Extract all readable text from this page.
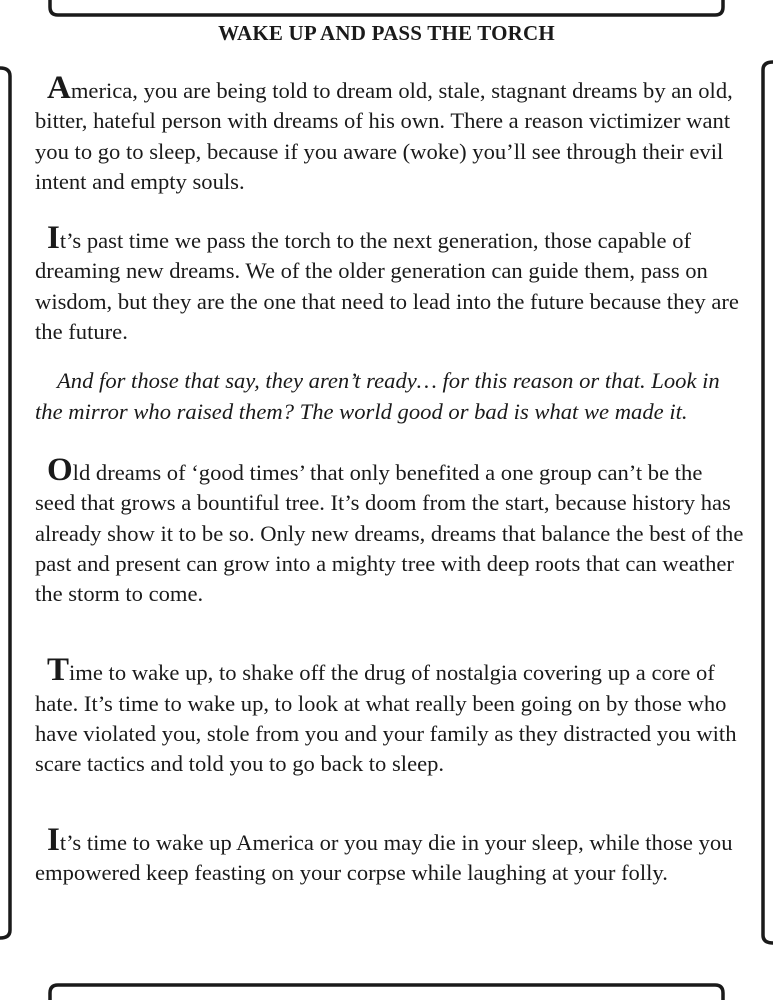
WAKE UP AND PASS THE TORCH

America, you are being told to dream old, stale, stagnant dreams by an old, bitter, hateful person with dreams of his own. There a reason victimizer want you to go to sleep, because if you aware (woke) you’ll see through their evil intent and empty souls.

It’s past time we pass the torch to the next generation, those capable of dreaming new dreams. We of the older generation can guide them, pass on wisdom, but they are the one that need to lead into the future because they are the future.

And for those that say, they aren’t ready… for this reason or that. Look in the mirror who raised them? The world good or bad is what we made it.

Old dreams of ‘good times’ that only benefited a one group can’t be the seed that grows a bountiful tree. It’s doom from the start, because history has already show it to be so. Only new dreams, dreams that balance the best of the past and present can grow into a mighty tree with deep roots that can weather the storm to come.

Time to wake up, to shake off the drug of nostalgia covering up a core of hate. It’s time to wake up, to look at what really been going on by those who have violated you, stole from you and your family as they distracted you with scare tactics and told you to go back to sleep.

It’s time to wake up America or you may die in your sleep, while those you empowered keep feasting on your corpse while laughing at your folly.
